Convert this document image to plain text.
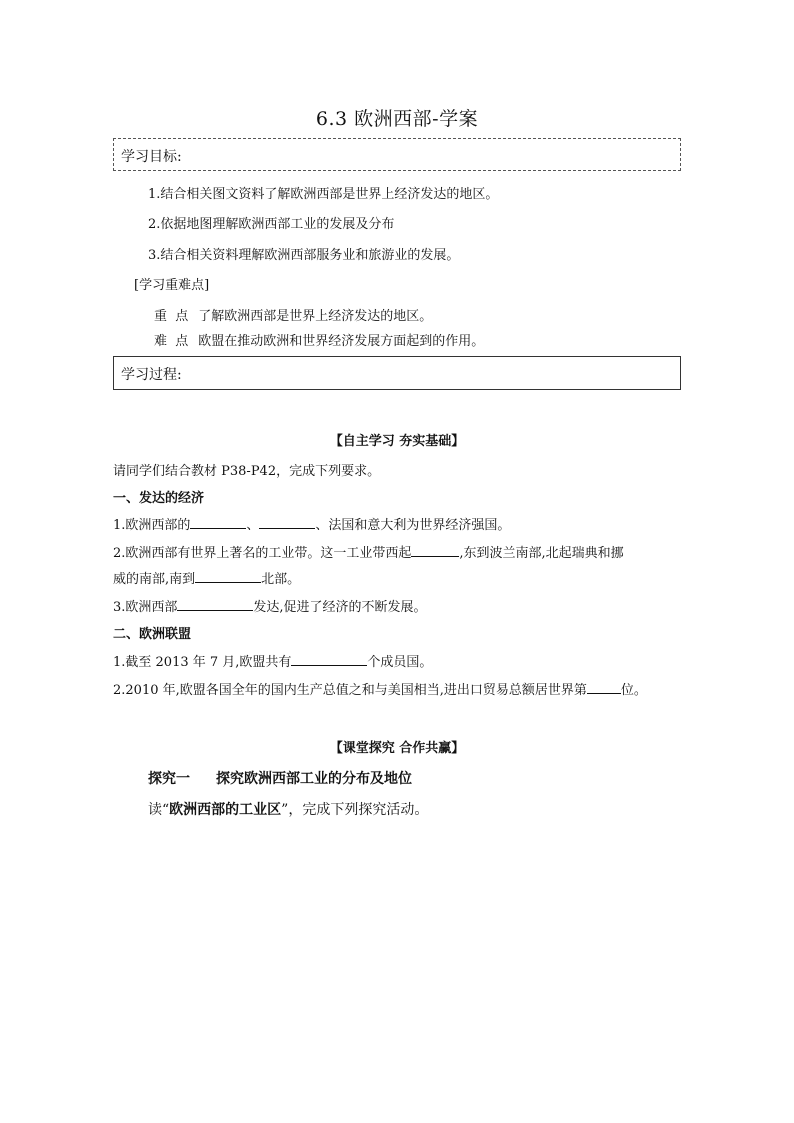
6.3 欧洲西部-学案
学习目标:
1.结合相关图文资料了解欧洲西部是世界上经济发达的地区。
2.依据地图理解欧洲西部工业的发展及分布
3.结合相关资料理解欧洲西部服务业和旅游业的发展。
[学习重难点]
重  点 了解欧洲西部是世界上经济发达的地区。
难  点 欧盟在推动欧洲和世界经济发展方面起到的作用。
学习过程:
【自主学习 夯实基础】
请同学们结合教材 P38-P42，完成下列要求。
一、发达的经济
1.欧洲西部的	、	、法国和意大利为世界经济强国。
2.欧洲西部有世界上著名的工业带。这一工业带西起	,东到波兰南部,北起瑞典和挪
威的南部,南到	北部。
3.欧洲西部	发达,促进了经济的不断发展。
二、欧洲联盟
1.截至 2013 年 7 月,欧盟共有	个成员国。
2.2010 年,欧盟各国全年的国内生产总值之和与美国相当,进出口贸易总额居世界第	位。
【课堂探究 合作共赢】
探究一 探究欧洲西部工业的分布及地位
读“欧洲西部的工业区”，完成下列探究活动。
